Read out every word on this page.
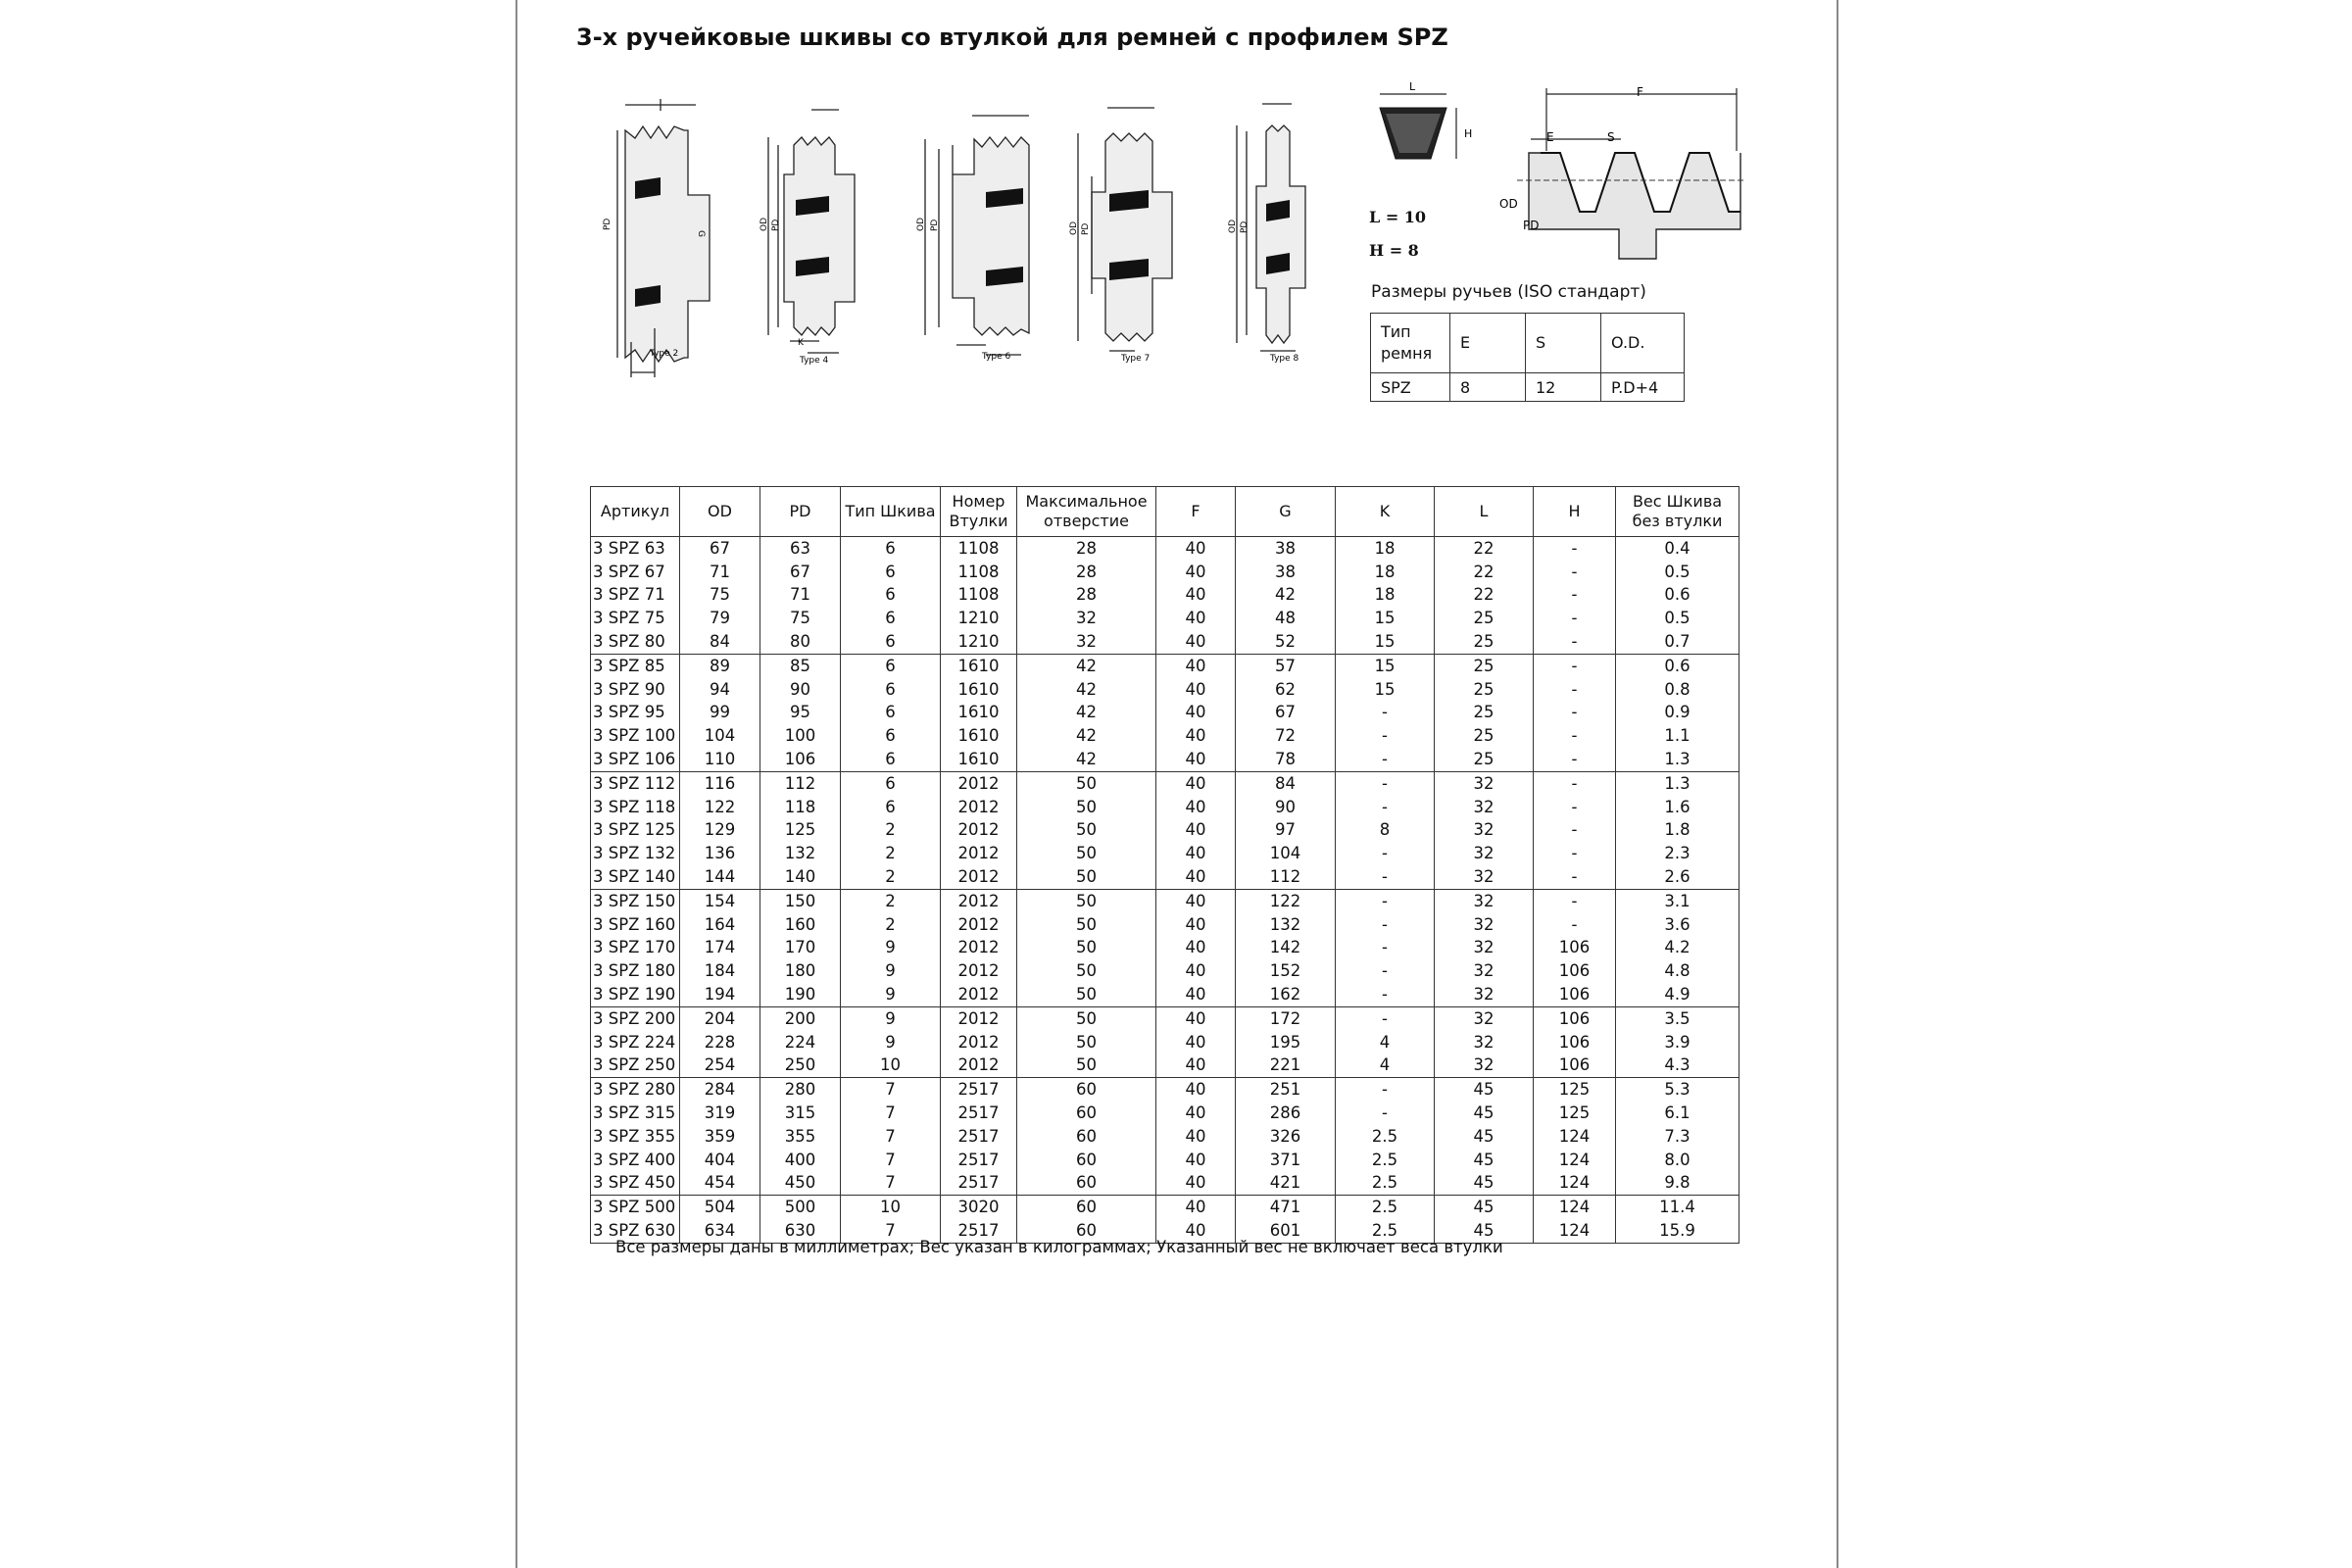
3-х ручейковые шкивы со втулкой для ремней с профилем SPZ
PD
G
Type 2
OD PD
K
Type 4
OD PD
Type 6
OD PD
Type 7
OD PD
Type 8
L
H
L = 10
H = 8
F
E	S
OD
PD
Размеры ручьев (ISO стандарт)
Тип ремня	E	S	O.D.
SPZ	8	12	P.D+4
Артикул	OD	PD	Тип Шкива	Номер Втулки	Максимальное отверстие	F	G	K	L	H	Вес Шкива без втулки
3 SPZ 63	67	63	6	1108	28	40	38	18	22	-	0.4
3 SPZ 67	71	67	6	1108	28	40	38	18	22	-	0.5
3 SPZ 71	75	71	6	1108	28	40	42	18	22	-	0.6
3 SPZ 75	79	75	6	1210	32	40	48	15	25	-	0.5
3 SPZ 80	84	80	6	1210	32	40	52	15	25	-	0.7
3 SPZ 85	89	85	6	1610	42	40	57	15	25	-	0.6
3 SPZ 90	94	90	6	1610	42	40	62	15	25	-	0.8
3 SPZ 95	99	95	6	1610	42	40	67	-	25	-	0.9
3 SPZ 100	104	100	6	1610	42	40	72	-	25	-	1.1
3 SPZ 106	110	106	6	1610	42	40	78	-	25	-	1.3
3 SPZ 112	116	112	6	2012	50	40	84	-	32	-	1.3
3 SPZ 118	122	118	6	2012	50	40	90	-	32	-	1.6
3 SPZ 125	129	125	2	2012	50	40	97	8	32	-	1.8
3 SPZ 132	136	132	2	2012	50	40	104	-	32	-	2.3
3 SPZ 140	144	140	2	2012	50	40	112	-	32	-	2.6
3 SPZ 150	154	150	2	2012	50	40	122	-	32	-	3.1
3 SPZ 160	164	160	2	2012	50	40	132	-	32	-	3.6
3 SPZ 170	174	170	9	2012	50	40	142	-	32	106	4.2
3 SPZ 180	184	180	9	2012	50	40	152	-	32	106	4.8
3 SPZ 190	194	190	9	2012	50	40	162	-	32	106	4.9
3 SPZ 200	204	200	9	2012	50	40	172	-	32	106	3.5
3 SPZ 224	228	224	9	2012	50	40	195	4	32	106	3.9
3 SPZ 250	254	250	10	2012	50	40	221	4	32	106	4.3
3 SPZ 280	284	280	7	2517	60	40	251	-	45	125	5.3
3 SPZ 315	319	315	7	2517	60	40	286	-	45	125	6.1
3 SPZ 355	359	355	7	2517	60	40	326	2.5	45	124	7.3
3 SPZ 400	404	400	7	2517	60	40	371	2.5	45	124	8.0
3 SPZ 450	454	450	7	2517	60	40	421	2.5	45	124	9.8
3 SPZ 500	504	500	10	3020	60	40	471	2.5	45	124	11.4
3 SPZ 630	634	630	7	2517	60	40	601	2.5	45	124	15.9
Все размеры даны в миллиметрах; Вес указан в килограммах; Указанный вес не включает веса втулки
